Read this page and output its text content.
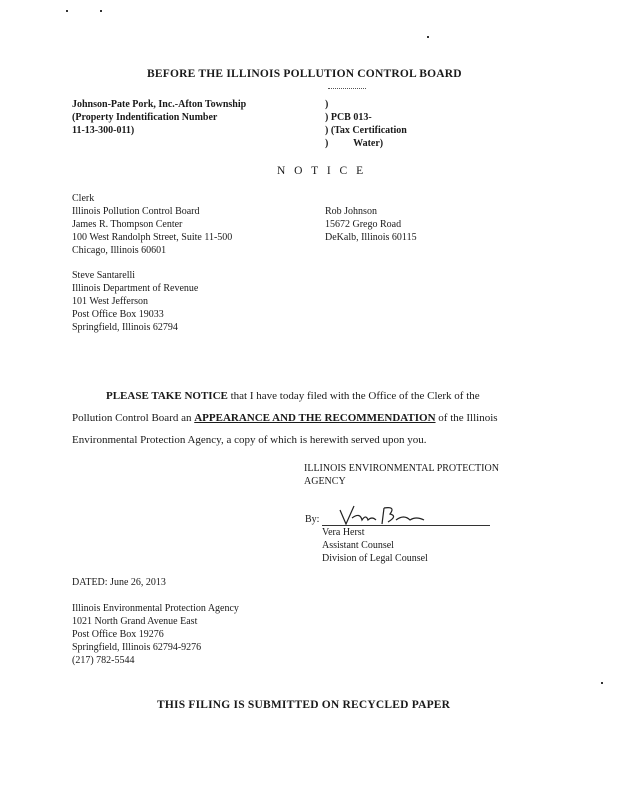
BEFORE THE ILLINOIS POLLUTION CONTROL BOARD
Johnson-Pate Pork, Inc.-Afton Township
(Property Indentification Number
11-13-300-011)
)
) PCB 013-
) (Tax Certification
)          Water)
N O T I C E
Clerk
Illinois Pollution Control Board
James R. Thompson Center
100 West Randolph Street, Suite 11-500
Chicago, Illinois 60601
Rob Johnson
15672 Grego Road
DeKalb, Illinois 60115
Steve Santarelli
Illinois Department of Revenue
101 West Jefferson
Post Office Box 19033
Springfield, Illinois 62794
PLEASE TAKE NOTICE that I have today filed with the Office of the Clerk of the
Pollution Control Board an APPEARANCE AND THE RECOMMENDATION of the Illinois
Environmental Protection Agency, a copy of which is herewith served upon you.
ILLINOIS ENVIRONMENTAL PROTECTION
AGENCY
By:
Vera Herst
Assistant Counsel
Division of Legal Counsel
DATED: June 26, 2013
Illinois Environmental Protection Agency
1021 North Grand Avenue East
Post Office Box 19276
Springfield, Illinois 62794-9276
(217) 782-5544
THIS FILING IS SUBMITTED ON RECYCLED PAPER
